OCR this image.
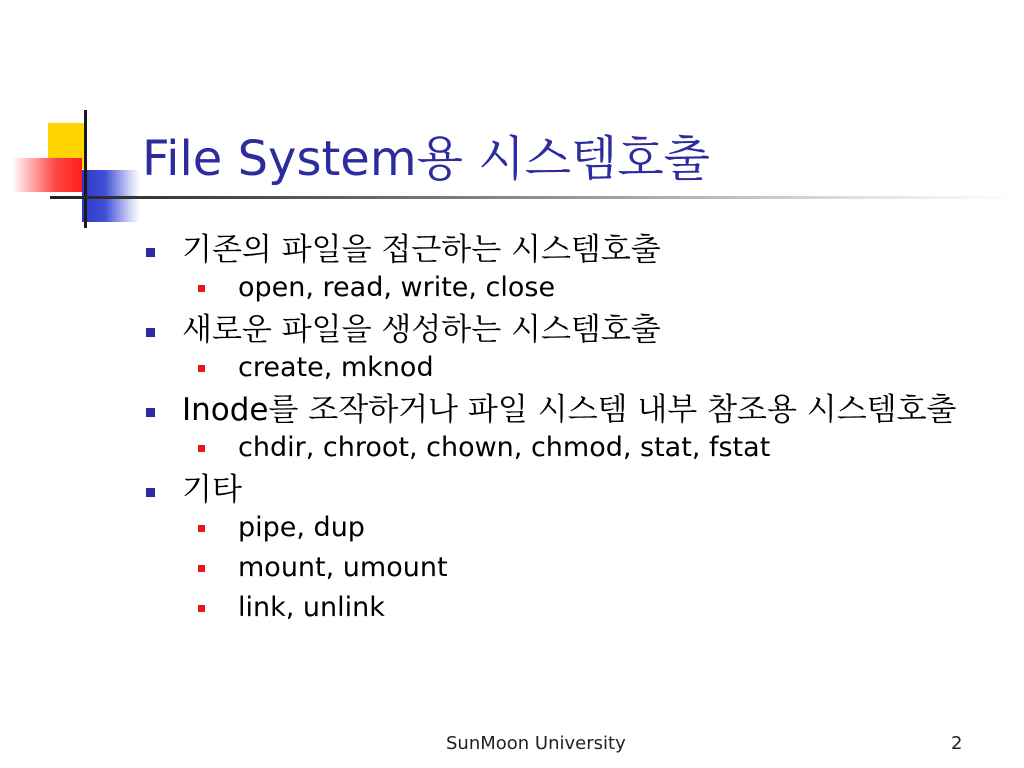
File System용 시스템호출
기존의 파일을 접근하는 시스템호출
open, read, write, close
새로운 파일을 생성하는 시스템호출
create, mknod
Inode를 조작하거나 파일 시스템 내부 참조용 시스템호출
chdir, chroot, chown, chmod, stat, fstat
기타
pipe, dup
mount, umount
link, unlink
SunMoon University	2
